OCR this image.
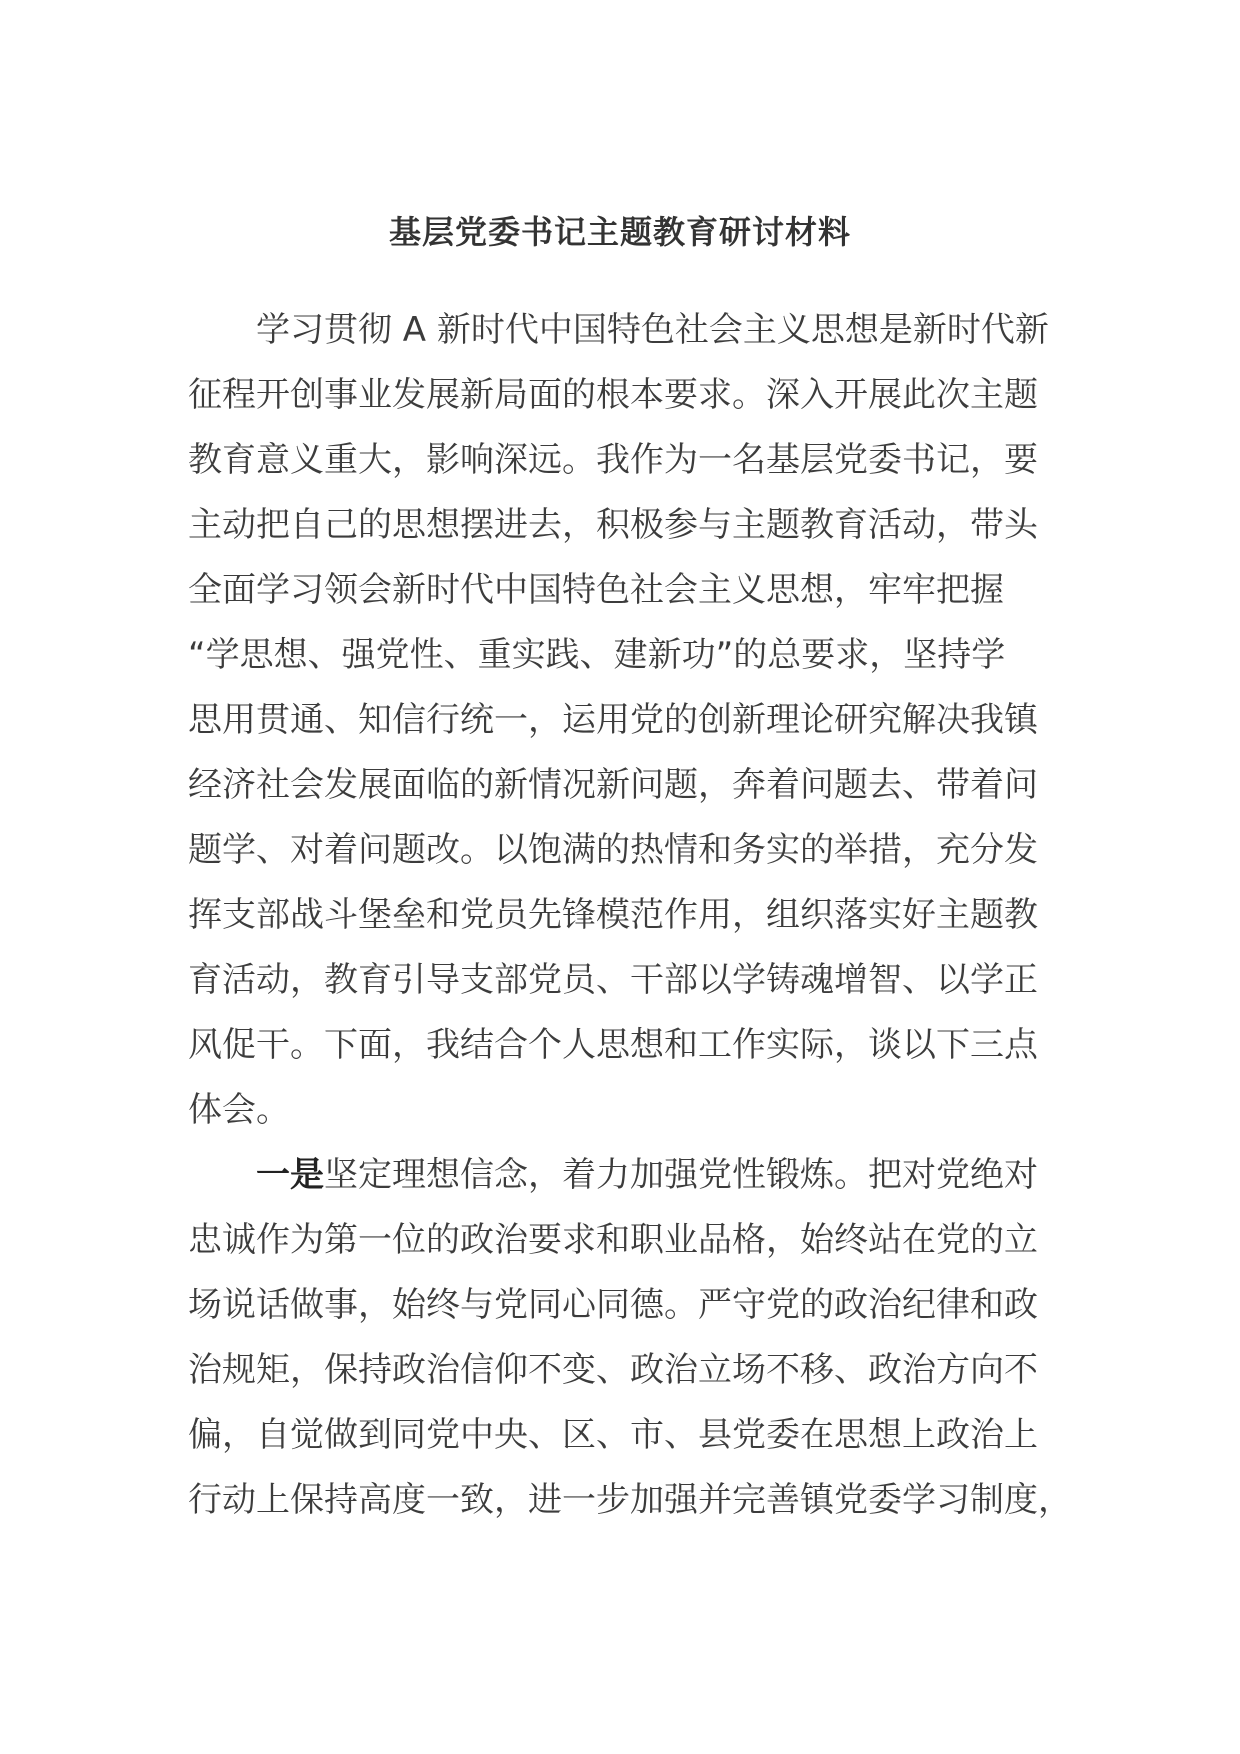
基层党委书记主题教育研讨材料
学习贯彻 A 新时代中国特色社会主义思想是新时代新
征程开创事业发展新局面的根本要求。深入开展此次主题
教育意义重大，影响深远。我作为一名基层党委书记，要
主动把自己的思想摆进去，积极参与主题教育活动，带头
全面学习领会新时代中国特色社会主义思想，牢牢把握
“学思想、强党性、重实践、建新功”的总要求，坚持学
思用贯通、知信行统一，运用党的创新理论研究解决我镇
经济社会发展面临的新情况新问题，奔着问题去、带着问
题学、对着问题改。以饱满的热情和务实的举措，充分发
挥支部战斗堡垒和党员先锋模范作用，组织落实好主题教
育活动，教育引导支部党员、干部以学铸魂增智、以学正
风促干。下面，我结合个人思想和工作实际，谈以下三点
体会。
一是坚定理想信念，着力加强党性锻炼。把对党绝对
忠诚作为第一位的政治要求和职业品格，始终站在党的立
场说话做事，始终与党同心同德。严守党的政治纪律和政
治规矩，保持政治信仰不变、政治立场不移、政治方向不
偏，自觉做到同党中央、区、市、县党委在思想上政治上
行动上保持高度一致，进一步加强并完善镇党委学习制度，
